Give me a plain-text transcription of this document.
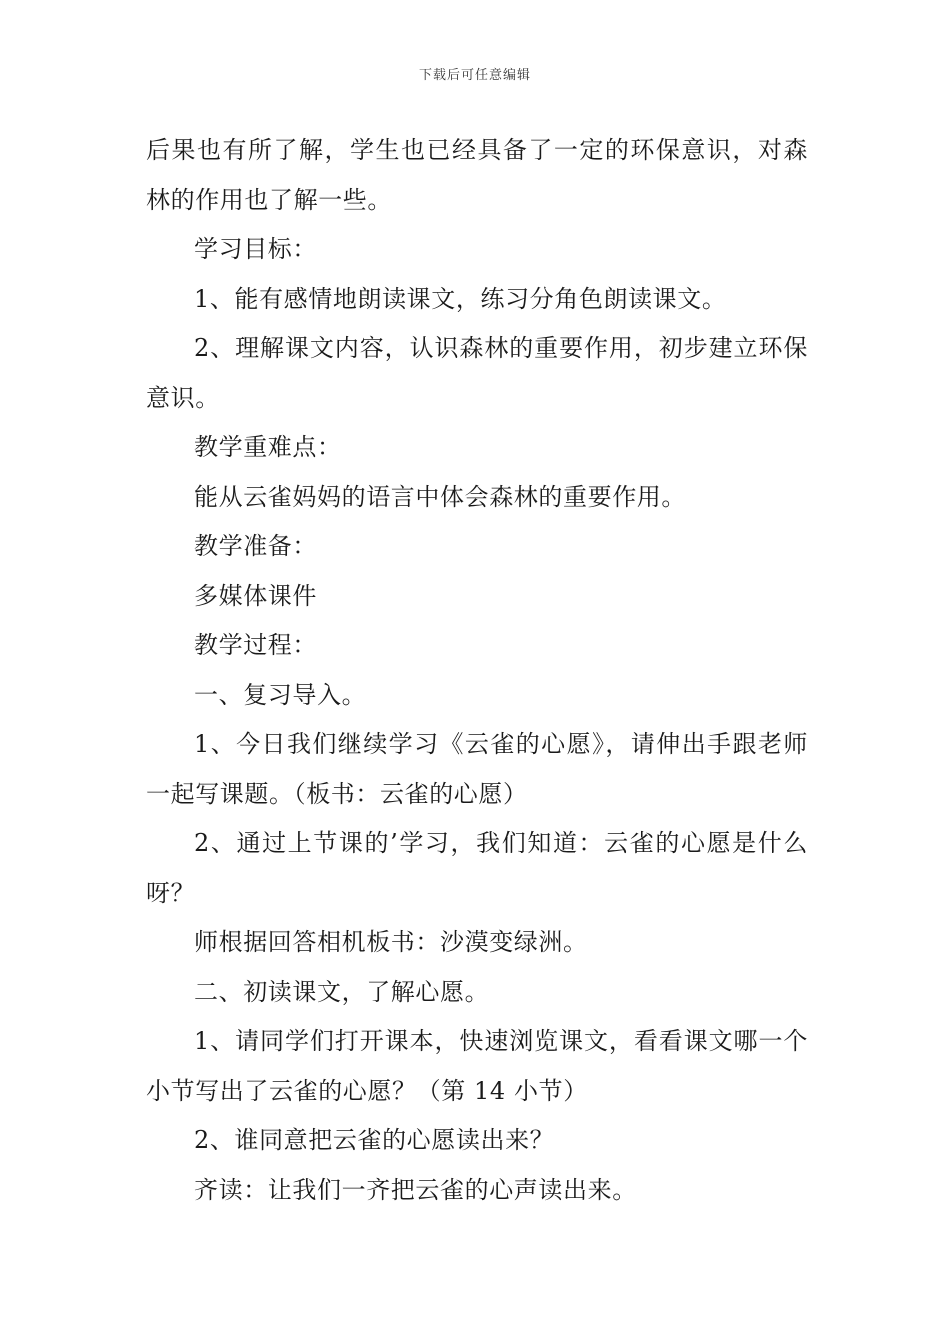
下载后可任意编辑

后果也有所了解，学生也已经具备了一定的环保意识，对森林的作用也了解一些。

学习目标：

1、能有感情地朗读课文，练习分角色朗读课文。

2、理解课文内容，认识森林的重要作用，初步建立环保意识。

教学重难点：

能从云雀妈妈的语言中体会森林的重要作用。

教学准备：

多媒体课件

教学过程：

一、复习导入。

1、今日我们继续学习《云雀的心愿》，请伸出手跟老师一起写课题。（板书：云雀的心愿）

2、通过上节课的’学习，我们知道：云雀的心愿是什么呀？

师根据回答相机板书：沙漠变绿洲。

二、初读课文，了解心愿。

1、请同学们打开课本，快速浏览课文，看看课文哪一个小节写出了云雀的心愿？（第 14 小节）

2、谁同意把云雀的心愿读出来？

齐读：让我们一齐把云雀的心声读出来。
